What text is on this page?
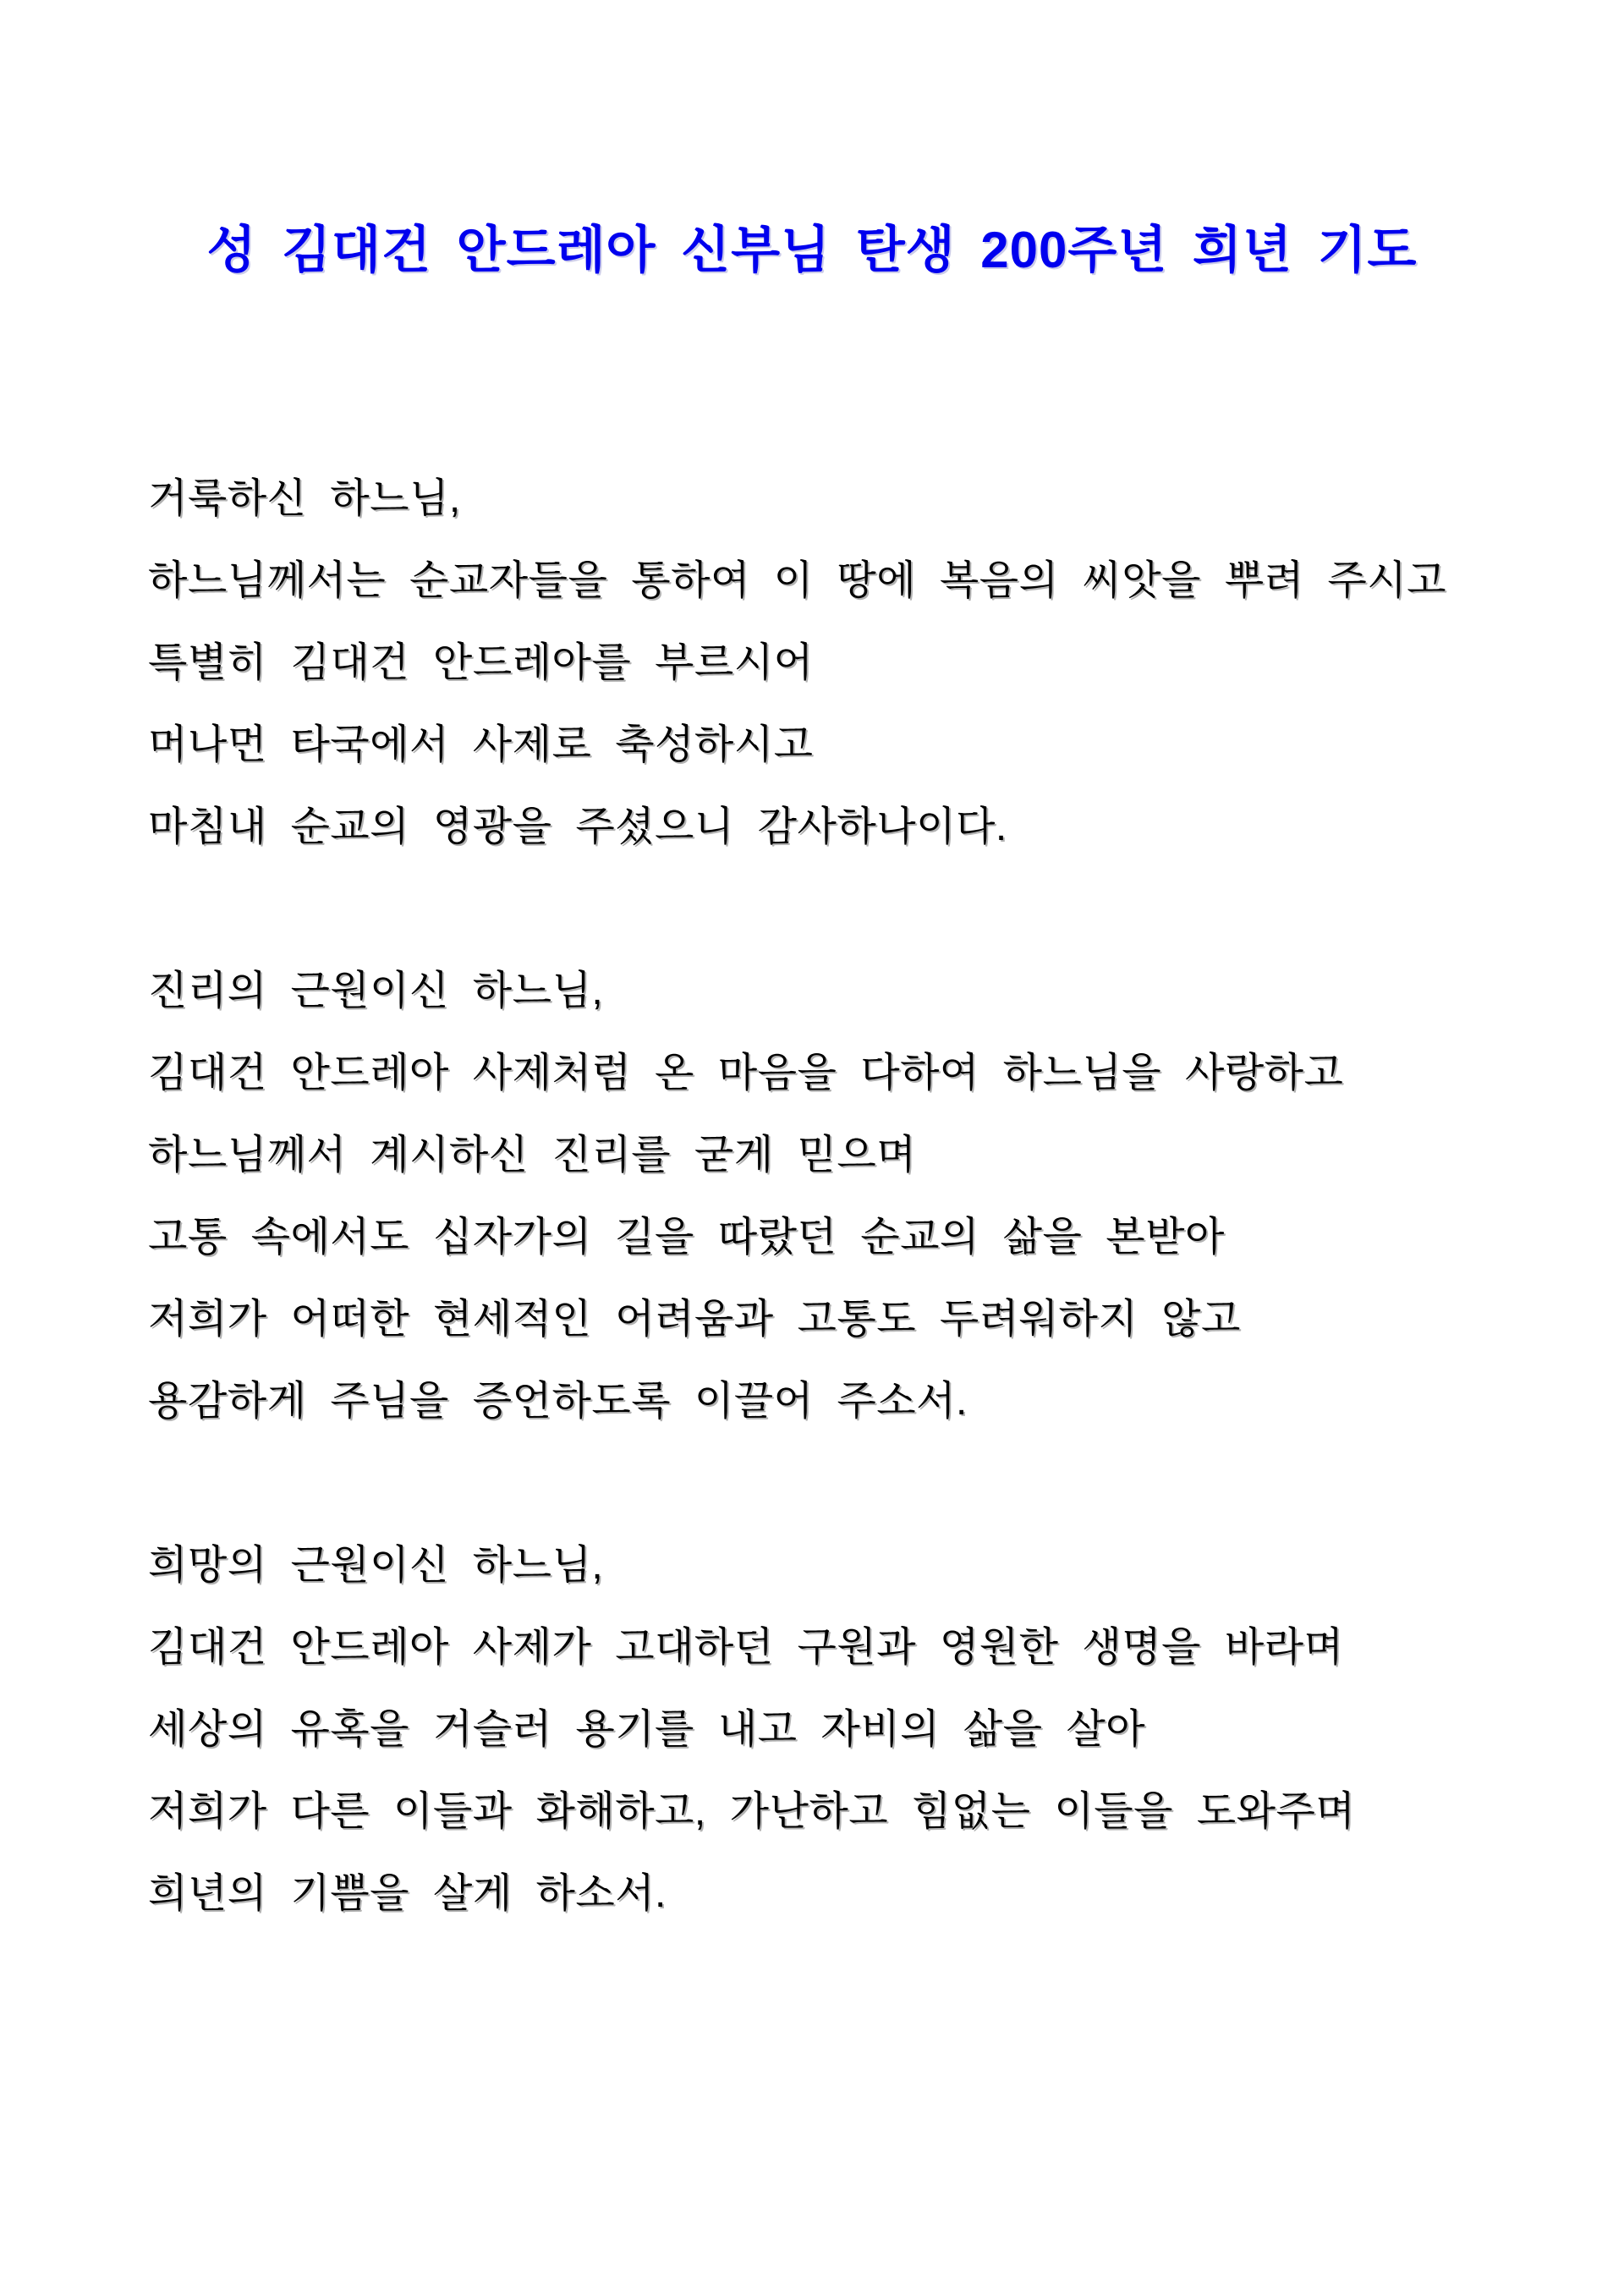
성 김대건 안드레아 신부님 탄생 200주년 희년 기도
거룩하신 하느님,
하느님께서는 순교자들을 통하여 이 땅에 복음의 씨앗을 뿌려 주시고
특별히 김대건 안드레아를 부르시어
머나먼 타국에서 사제로 축성하시고
마침내 순교의 영광을 주셨으니 감사하나이다.
진리의 근원이신 하느님,
김대건 안드레아 사제처럼 온 마음을 다하여 하느님을 사랑하고
하느님께서 계시하신 진리를 굳게 믿으며
고통 속에서도 십자가의 길을 따랐던 순교의 삶을 본받아
저희가 어떠한 현세적인 어려움과 고통도 두려워하지 않고
용감하게 주님을 증언하도록 이끌어 주소서.
희망의 근원이신 하느님,
김대건 안드레아 사제가 고대하던 구원과 영원한 생명을 바라며
세상의 유혹을 거슬러 용기를 내고 자비의 삶을 살아
저희가 다른 이들과 화해하고, 가난하고 힘없는 이들을 도와주며
희년의 기쁨을 살게 하소서.
